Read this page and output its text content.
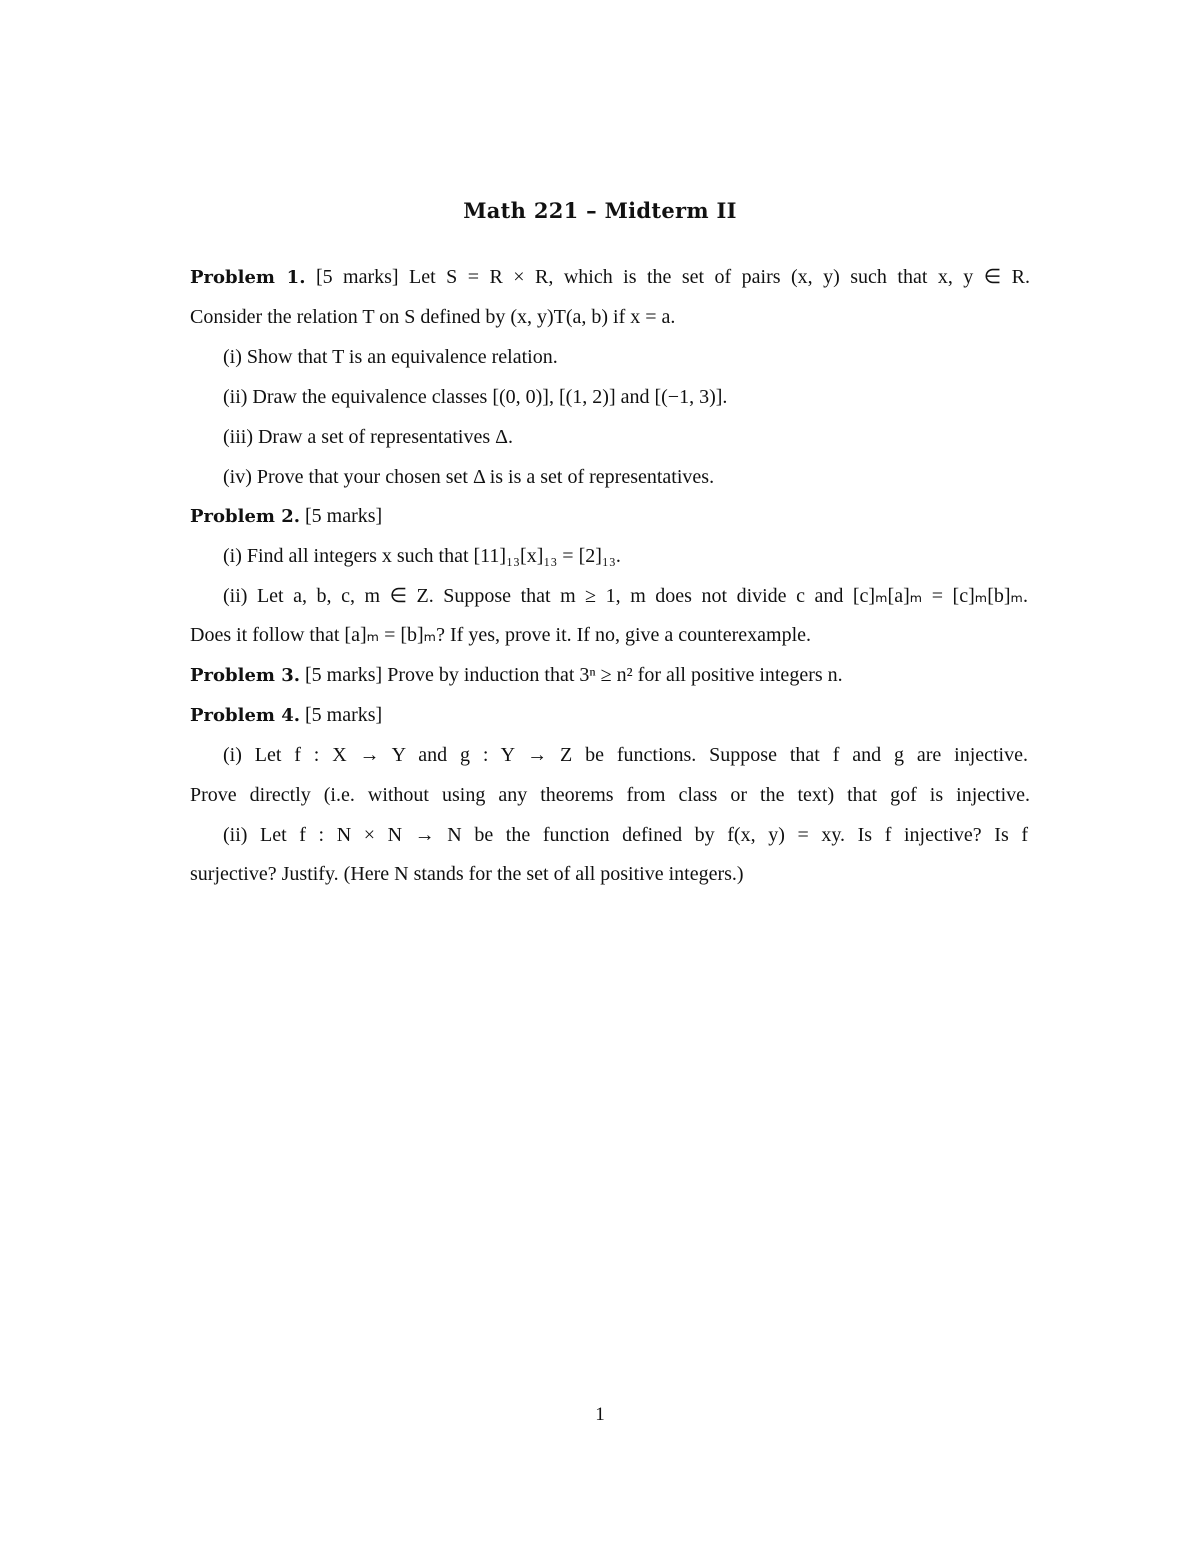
Math 221 – Midterm II
Problem 1. [5 marks] Let S = R × R, which is the set of pairs (x, y) such that x, y ∈ R.
Consider the relation T on S defined by (x, y)T(a, b) if x = a.
(i) Show that T is an equivalence relation.
(ii) Draw the equivalence classes [(0, 0)], [(1, 2)] and [(−1, 3)].
(iii) Draw a set of representatives Δ.
(iv) Prove that your chosen set Δ is is a set of representatives.
Problem 2. [5 marks]
(i) Find all integers x such that [11]₁₃[x]₁₃ = [2]₁₃.
(ii) Let a, b, c, m ∈ Z. Suppose that m ≥ 1, m does not divide c and [c]ₘ[a]ₘ = [c]ₘ[b]ₘ.
Does it follow that [a]ₘ = [b]ₘ? If yes, prove it. If no, give a counterexample.
Problem 3. [5 marks] Prove by induction that 3ⁿ ≥ n² for all positive integers n.
Problem 4. [5 marks]
(i) Let f : X → Y and g : Y → Z be functions. Suppose that f and g are injective.
Prove directly (i.e. without using any theorems from class or the text) that gof is injective.
(ii) Let f : N × N → N be the function defined by f(x, y) = xy. Is f injective? Is f
surjective? Justify. (Here N stands for the set of all positive integers.)
1
